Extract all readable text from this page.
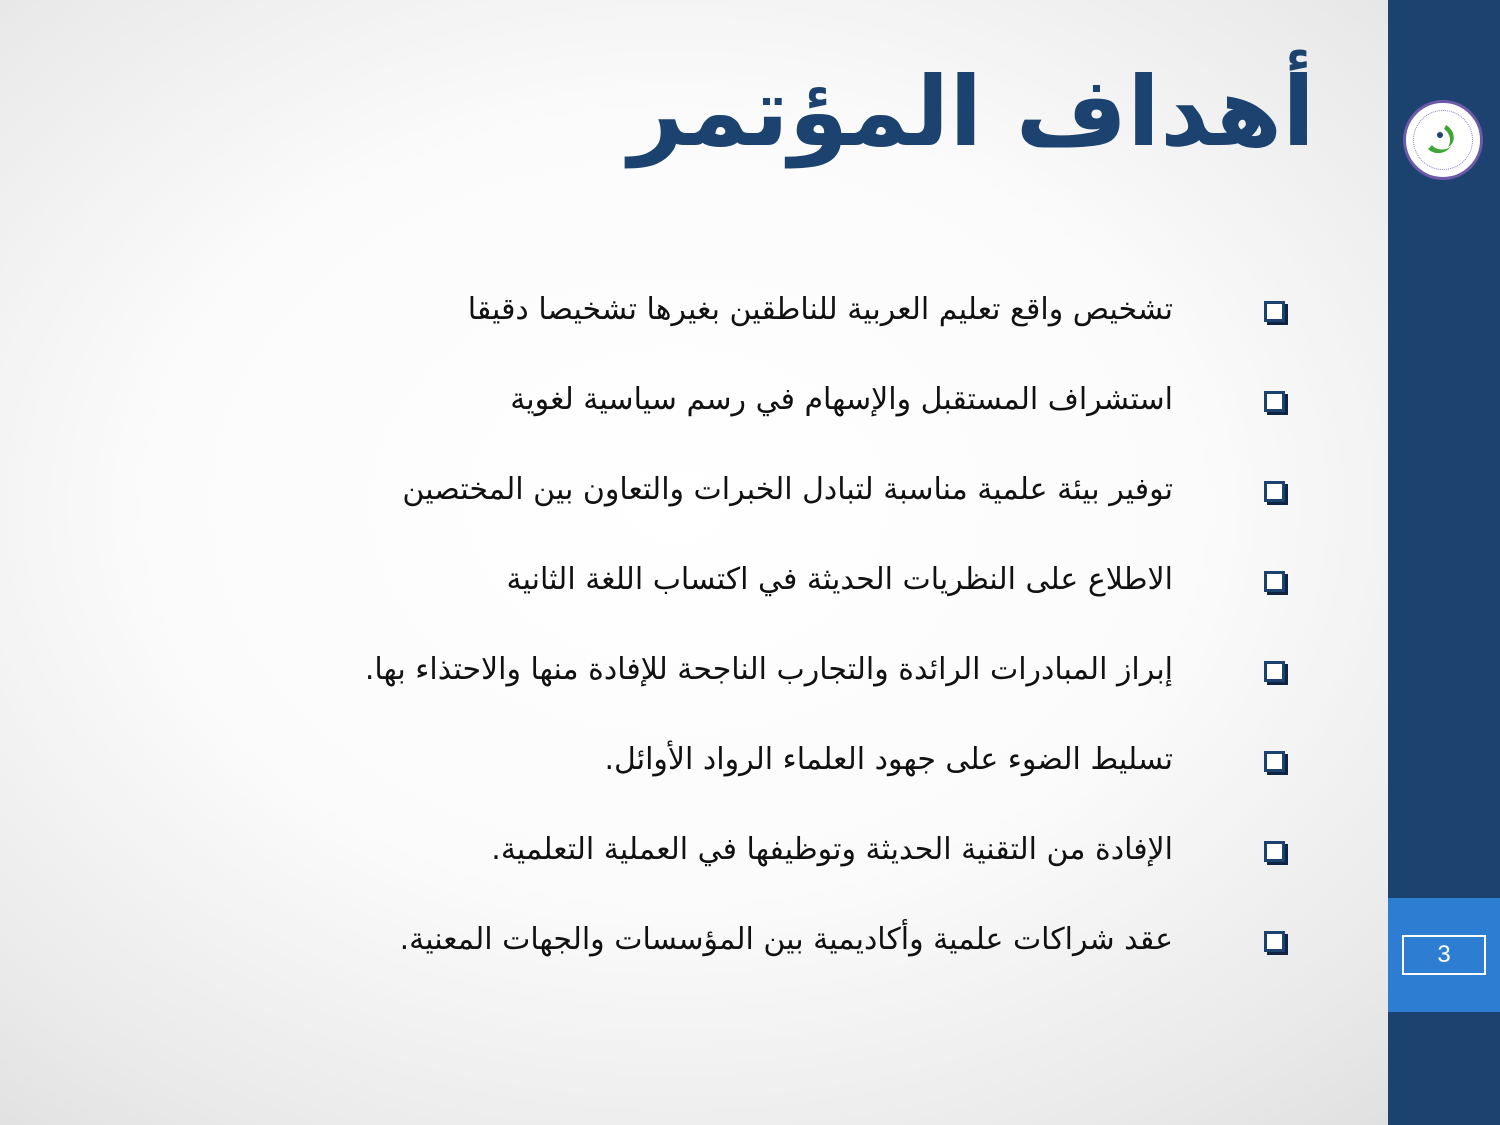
3
أهداف المؤتمر
تشخيص واقع تعليم العربية للناطقين بغيرها تشخيصا دقيقا
استشراف المستقبل والإسهام في رسم سياسية لغوية
توفير بيئة علمية مناسبة لتبادل الخبرات والتعاون بين المختصين
الاطلاع على النظريات الحديثة في اكتساب اللغة الثانية
إبراز المبادرات الرائدة والتجارب الناجحة للإفادة منها والاحتذاء بها.
تسليط الضوء على جهود العلماء الرواد الأوائل.
الإفادة من التقنية الحديثة وتوظيفها في العملية التعلمية.
عقد شراكات علمية وأكاديمية بين المؤسسات والجهات المعنية.
